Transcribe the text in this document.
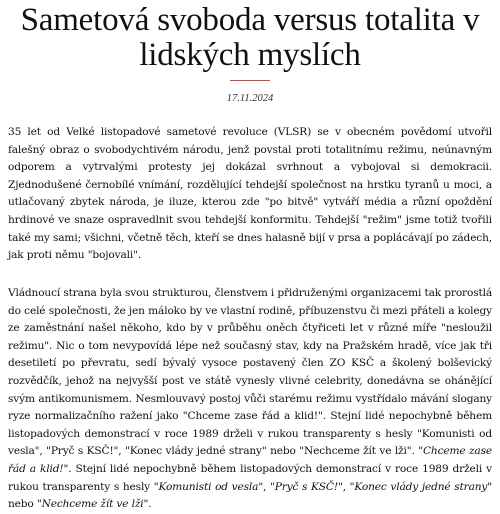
Sametová svoboda versus totalita v lidských myslích
17.11.2024

35 let od Velké listopadové sametové revoluce (VLSR) se v obecném povědomí utvořil falešný obraz o svobodychtivém národu, jenž povstal proti totalitnímu režimu, neúnavným odporem a vytrvalými protesty jej dokázal svrhnout a vybojoval si demokracii. Zjednodušené černobílé vnímání, rozdělující tehdejší společnost na hrstku tyranů u moci, a utlačovaný zbytek národa, je iluze, kterou zde "po bitvě" vytváří média a různí opoždění hrdinové ve snaze ospravedlnit svou tehdejší konformitu. Tehdejší "režim" jsme totiž tvořili také my sami; všichni, včetně těch, kteří se dnes halasně bijí v prsa a poplácávají po zádech, jak proti němu "bojovali".

Vládnoucí strana byla svou strukturou, členstvem i přidruženými organizacemi tak prorostlá do celé společnosti, že jen máloko by ve vlastní rodině, příbuzenstvu či mezi přáteli a kolegy ze zaměstnání našel někoho, kdo by v průběhu oněch čtyřiceti let v různé míře "nesloužil režimu". Nic o tom nevypovídá lépe než současný stav, kdy na Pražském hradě, více jak tři desetiletí po převratu, sedí bývalý vysoce postavený člen ZO KSČ a školený bolševický rozvědčík, jehož na nejvyšší post ve státě vynesly vlivné celebrity, donedávna se ohánějící svým antikomunismem. Nesmlouvavý postoj vůči starému režimu vystřídalo mávání slogany ryze normalizačního ražení jako "Chceme zase řád a klid!". Stejní lidé nepochybně během listopadových demonstrací v roce 1989 drželi v rukou transparenty s hesly "Komunisti od vesla", "Pryč s KSČ!", "Konec vlády jedné strany" nebo "Nechceme žít ve lži". "Chceme zase řád a klid!". Stejní lidé nepochybně během listopadových demonstrací v roce 1989 drželi v rukou transparenty s hesly "Komunisti od vesla", "Pryč s KSČ!", "Konec vlády jedné strany" nebo "Nechceme žít ve lži".
